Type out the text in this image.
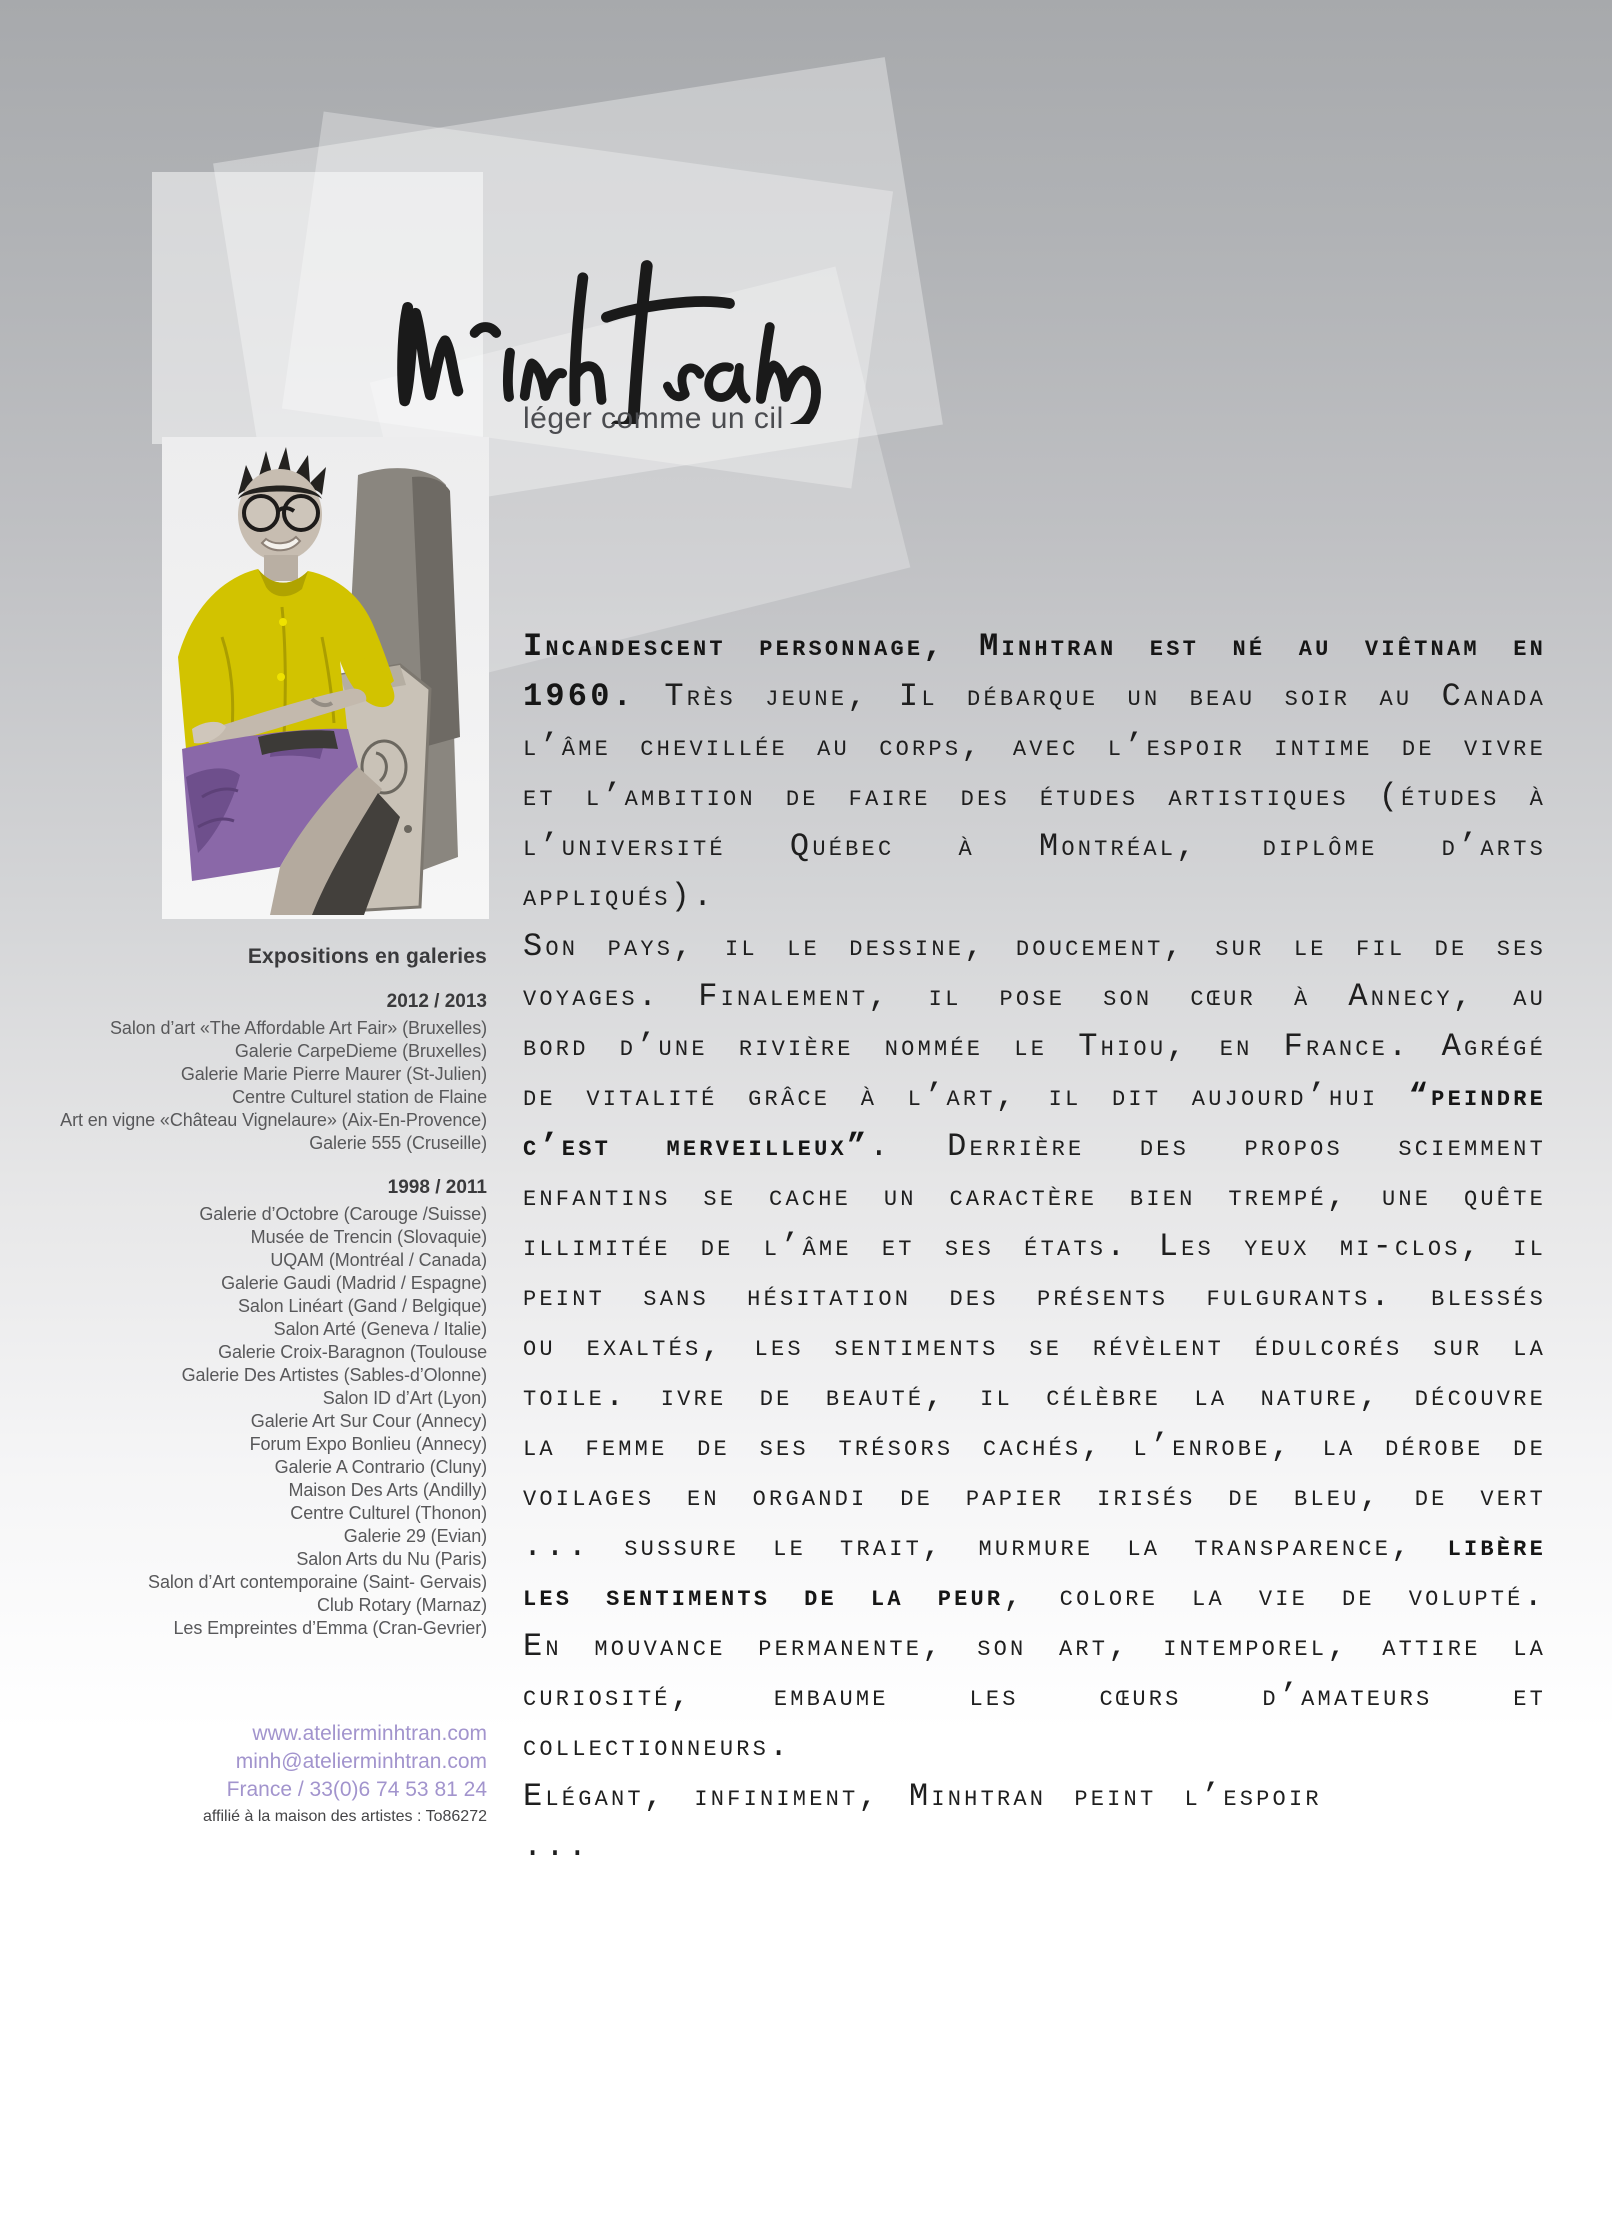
léger comme un cil
Expositions en galeries
2012 / 2013
Salon d’art «The Affordable Art Fair» (Bruxelles)
Galerie CarpeDieme (Bruxelles)
Galerie Marie Pierre Maurer (St-Julien)
Centre Culturel station de Flaine
Art en vigne «Château Vignelaure» (Aix-En-Provence)
Galerie 555 (Cruseille)
1998 / 2011
Galerie d’Octobre (Carouge /Suisse)
Musée de Trencin (Slovaquie)
UQAM (Montréal / Canada)
Galerie Gaudi (Madrid / Espagne)
Salon Linéart (Gand / Belgique)
Salon Arté (Geneva / Italie)
Galerie Croix-Baragnon (Toulouse
Galerie Des Artistes (Sables-d’Olonne)
Salon ID d’Art (Lyon)
Galerie Art Sur Cour (Annecy)
Forum Expo Bonlieu (Annecy)
Galerie A Contrario (Cluny)
Maison Des Arts (Andilly)
Centre Culturel (Thonon)
Galerie 29 (Evian)
Salon Arts du Nu (Paris)
Salon d’Art contemporaine (Saint- Gervais)
Club Rotary (Marnaz)
Les Empreintes d’Emma (Cran-Gevrier)
www.atelierminhtran.com
minh@atelierminhtran.com
France / 33(0)6 74 53 81 24
affilié à la maison des artistes : To86272

Incandescent personnage, Minhtran est né au viêtnam en 1960. Très jeune, Il débarque un beau soir au Canada l’âme chevillée au corps, avec l’espoir intime de vivre et l’ambition de faire des études artistiques (études à l’université Québec à Montréal, diplôme d’arts appliqués).

Son pays, il le dessine, doucement, sur le fil de ses voyages. Finalement, il pose son cœur à Annecy, au bord d’une rivière nommée le Thiou, en France. Agrégé de vitalité grâce à l’art, il dit aujourd’hui “peindre c’est merveilleux”. Derrière des propos sciemment enfantins se cache un caractère bien trempé, une quête illimitée de l’âme et ses états. Les yeux mi-clos, il peint sans hésitation des présents fulgurants. blessés ou exaltés, les sentiments se révèlent édulcorés sur la toile. ivre de beauté, il célèbre la nature, découvre la femme de ses trésors cachés, l’enrobe, la dérobe de voilages en organdi de papier irisés de bleu, de vert ... sussure le trait, murmure la transparence, libère les sentiments de la peur, colore la vie de volupté. En mouvance permanente, son art, intemporel, attire la curiosité, embaume les cœurs d’amateurs et collectionneurs.

Elégant, infiniment, Minhtran peint l’espoir

...
